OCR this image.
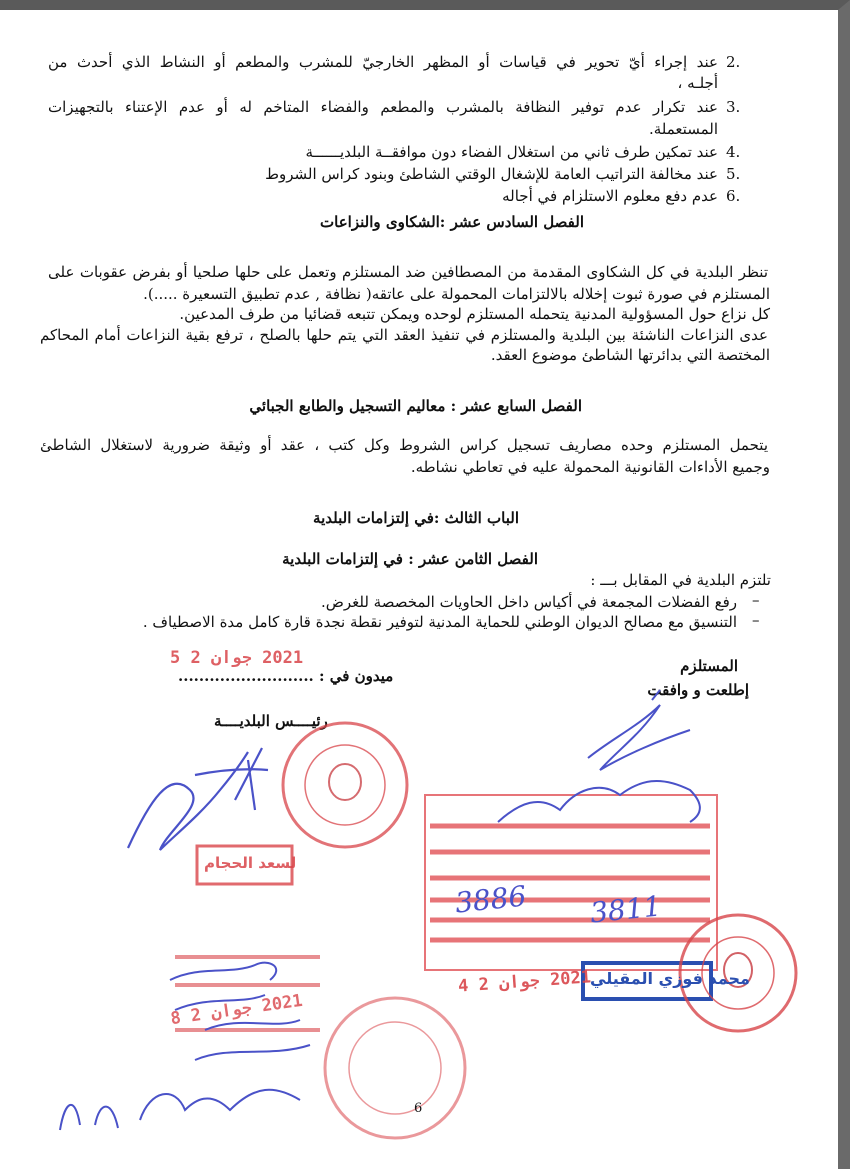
2.
عند إجراء أيّ تحوير في قياسات أو المظهر الخارجيّ للمشرب والمطعم أو النشاط الذي أحدث من
أجلـه ،
3.
عند تكرار عدم توفير النظافة بالمشرب والمطعم والفضاء المتاخم له أو عدم الإعتناء بالتجهيزات
المستعملة.
4.
عند تمكين طرف ثاني من استغلال الفضاء دون موافقــة البلديــــــة
5.
عند مخالفة التراتيب العامة للإشغال الوقتي الشاطئ وبنود كراس الشروط
6.
عدم دفع معلوم الاستلزام في أجاله
الفصل السادس عشر :الشكاوى والنزاعات
تنظر البلدية في كل الشكاوى المقدمة من المصطافين ضد المستلزم وتعمل على حلها صلحيا أو بفرض عقوبات على
المستلزم في صورة ثبوت إخلاله بالالتزامات المحمولة على عاتقه( نظافة , عدم تطبيق التسعيرة .....).
كل نزاع حول المسؤولية المدنية يتحمله المستلزم لوحده ويمكن تتبعه قضائيا من طرف المدعين.
عدى النزاعات الناشئة بين البلدية والمستلزم في تنفيذ العقد التي يتم حلها بالصلح ، ترفع بقية النزاعات أمام المحاكم
المختصة التي بدائرتها الشاطئ موضوع العقد.
الفصل السابع عشر : معاليم التسجيل والطابع الجبائي
يتحمل المستلزم وحده مصاريف تسجيل كراس الشروط وكل كتب ، عقد أو وثيقة ضرورية لاستغلال الشاطئ
وجميع الأداءات القانونية المحمولة عليه في تعاطي نشاطه.
الباب الثالث :في إلتزامات البلدية
الفصل الثامن عشر : في إلتزامات البلدية
تلتزم البلدية في المقابل بـــ :
–
رفع الفضلات المجمعة في أكياس داخل الحاويات المخصصة للغرض.
–
التنسيق مع مصالح الديوان الوطني للحماية المدنية لتوفير نقطة نجدة قارة كامل مدة الاصطياف .
المستلزم
إطلعت و وافقت
ميدون في : ..........................
رئيــــس البلديــــة
2021 جوان 2 5
2021 جوان 2 4
2021 جوان 2 8
محمد فوزي المقيلي
لسعد الحجام
3886 3811
6
